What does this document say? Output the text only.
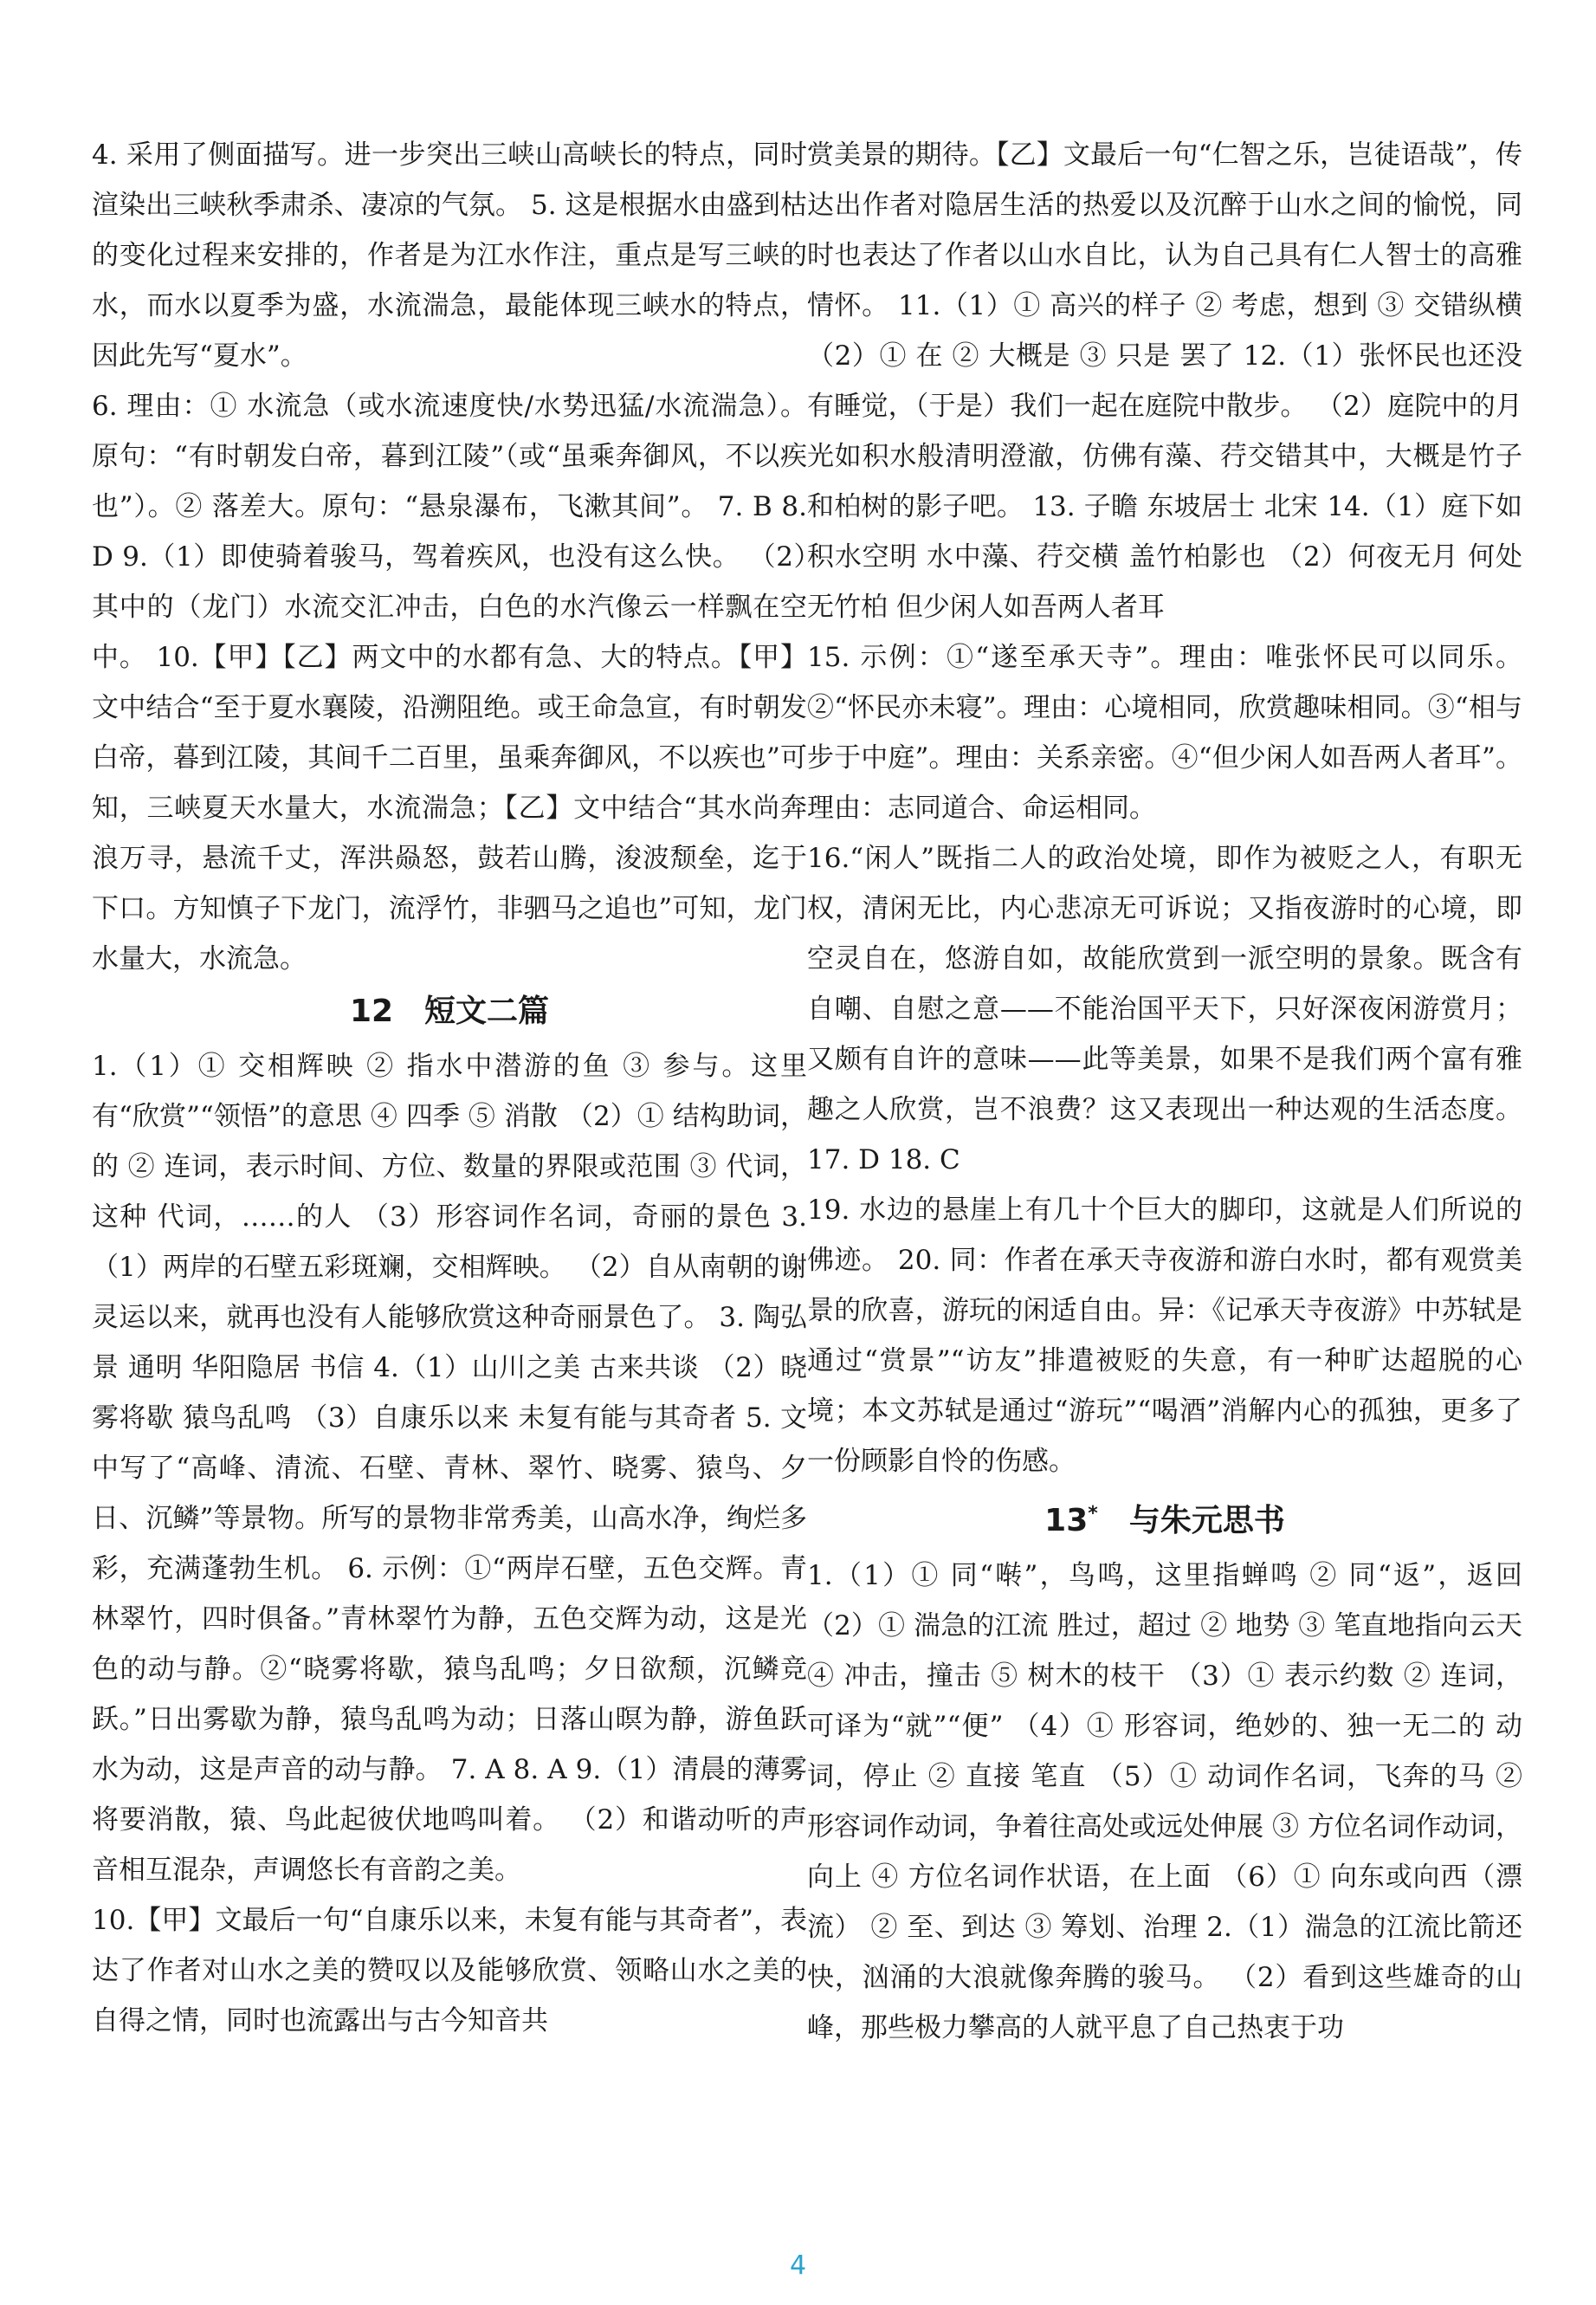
4. 采用了侧面描写。进一步突出三峡山高峡长的特点，同时渲染出三峡秋季肃杀、凄凉的气氛。 5. 这是根据水由盛到枯的变化过程来安排的，作者是为江水作注，重点是写三峡的水，而水以夏季为盛，水流湍急，最能体现三峡水的特点，因此先写“夏水”。

6. 理由：① 水流急（或水流速度快/水势迅猛/水流湍急）。原句：“有时朝发白帝，暮到江陵”（或“虽乘奔御风，不以疾也”）。② 落差大。原句：“悬泉瀑布，飞漱其间”。 7. B 8. D 9.（1）即使骑着骏马，驾着疾风，也没有这么快。 （2）其中的（龙门）水流交汇冲击，白色的水汽像云一样飘在空中。 10.【甲】【乙】两文中的水都有急、大的特点。【甲】文中结合“至于夏水襄陵，沿溯阻绝。或王命急宣，有时朝发白帝，暮到江陵，其间千二百里，虽乘奔御风，不以疾也”可知，三峡夏天水量大，水流湍急；【乙】文中结合“其水尚奔浪万寻，悬流千丈，浑洪赑怒，鼓若山腾，浚波颓垒，迄于下口。方知慎子下龙门，流浮竹，非驷马之追也”可知，龙门水量大，水流急。

12　短文二篇

1.（1）① 交相辉映 ② 指水中潜游的鱼 ③ 参与。这里有“欣赏”“领悟”的意思 ④ 四季 ⑤ 消散 （2）① 结构助词，的 ② 连词，表示时间、方位、数量的界限或范围 ③ 代词，这种 代词，……的人 （3）形容词作名词，奇丽的景色 3.（1）两岸的石壁五彩斑斓，交相辉映。 （2）自从南朝的谢灵运以来，就再也没有人能够欣赏这种奇丽景色了。 3. 陶弘景 通明 华阳隐居 书信 4.（1）山川之美 古来共谈 （2）晓雾将歇 猿鸟乱鸣 （3）自康乐以来 未复有能与其奇者 5. 文中写了“高峰、清流、石壁、青林、翠竹、晓雾、猿鸟、夕日、沉鳞”等景物。所写的景物非常秀美，山高水净，绚烂多彩，充满蓬勃生机。 6. 示例：①“两岸石壁，五色交辉。青林翠竹，四时俱备。”青林翠竹为静，五色交辉为动，这是光色的动与静。②“晓雾将歇，猿鸟乱鸣；夕日欲颓，沉鳞竞跃。”日出雾歇为静，猿鸟乱鸣为动；日落山暝为静，游鱼跃水为动，这是声音的动与静。 7. A 8. A 9.（1）清晨的薄雾将要消散，猿、鸟此起彼伏地鸣叫着。 （2）和谐动听的声音相互混杂，声调悠长有音韵之美。

10.【甲】文最后一句“自康乐以来，未复有能与其奇者”，表达了作者对山水之美的赞叹以及能够欣赏、领略山水之美的自得之情，同时也流露出与古今知音共

赏美景的期待。【乙】文最后一句“仁智之乐，岂徒语哉”，传达出作者对隐居生活的热爱以及沉醉于山水之间的愉悦，同时也表达了作者以山水自比，认为自己具有仁人智士的高雅情怀。 11.（1）① 高兴的样子 ② 考虑，想到 ③ 交错纵横 （2）① 在 ② 大概是 ③ 只是 罢了 12.（1）张怀民也还没有睡觉，（于是）我们一起在庭院中散步。 （2）庭院中的月光如积水般清明澄澈，仿佛有藻、荇交错其中，大概是竹子和柏树的影子吧。 13. 子瞻 东坡居士 北宋 14.（1）庭下如积水空明 水中藻、荇交横 盖竹柏影也 （2）何夜无月 何处无竹柏 但少闲人如吾两人者耳

15. 示例：①“遂至承天寺”。理由：唯张怀民可以同乐。②“怀民亦未寝”。理由：心境相同，欣赏趣味相同。③“相与步于中庭”。理由：关系亲密。④“但少闲人如吾两人者耳”。理由：志同道合、命运相同。

16.“闲人”既指二人的政治处境，即作为被贬之人，有职无权，清闲无比，内心悲凉无可诉说；又指夜游时的心境，即空灵自在，悠游自如，故能欣赏到一派空明的景象。既含有自嘲、自慰之意——不能治国平天下，只好深夜闲游赏月；又颇有自许的意味——此等美景，如果不是我们两个富有雅趣之人欣赏，岂不浪费？这又表现出一种达观的生活态度。 17. D 18. C

19. 水边的悬崖上有几十个巨大的脚印，这就是人们所说的佛迹。 20. 同：作者在承天寺夜游和游白水时，都有观赏美景的欣喜，游玩的闲适自由。异：《记承天寺夜游》中苏轼是通过“赏景”“访友”排遣被贬的失意，有一种旷达超脱的心境；本文苏轼是通过“游玩”“喝酒”消解内心的孤独，更多了一份顾影自怜的伤感。

13*　 与朱元思书

1.（1）① 同“啭”，鸟鸣，这里指蝉鸣 ② 同“返”，返回 （2）① 湍急的江流 胜过，超过 ② 地势 ③ 笔直地指向云天 ④ 冲击，撞击 ⑤ 树木的枝干 （3）① 表示约数 ② 连词，可译为“就”“便” （4）① 形容词，绝妙的、独一无二的 动词，停止 ② 直接 笔直 （5）① 动词作名词，飞奔的马 ② 形容词作动词，争着往高处或远处伸展 ③ 方位名词作动词，向上 ④ 方位名词作状语，在上面 （6）① 向东或向西（漂流） ② 至、到达 ③ 筹划、治理 2.（1）湍急的江流比箭还快，汹涌的大浪就像奔腾的骏马。 （2）看到这些雄奇的山峰，那些极力攀高的人就平息了自己热衷于功

4
